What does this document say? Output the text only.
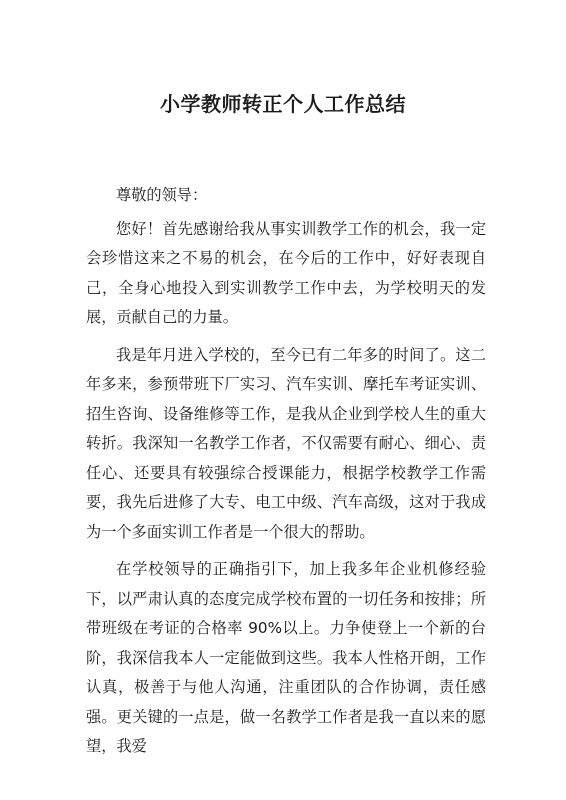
小学教师转正个人工作总结

尊敬的领导：

您好！首先感谢给我从事实训教学工作的机会，我一定会珍惜这来之不易的机会，在今后的工作中，好好表现自己，全身心地投入到实训教学工作中去，为学校明天的发展，贡献自己的力量。

我是年月进入学校的，至今已有二年多的时间了。这二年多来，参预带班下厂实习、汽车实训、摩托车考证实训、招生咨询、设备维修等工作，是我从企业到学校人生的重大转折。我深知一名教学工作者，不仅需要有耐心、细心、责任心、还要具有较强综合授课能力，根据学校教学工作需要，我先后进修了大专、电工中级、汽车高级，这对于我成为一个多面实训工作者是一个很大的帮助。

在学校领导的正确指引下，加上我多年企业机修经验下，以严肃认真的态度完成学校布置的一切任务和按排；所带班级在考证的合格率 90%以上。力争使登上一个新的台阶，我深信我本人一定能做到这些。我本人性格开朗，工作认真，极善于与他人沟通，注重团队的合作协调，责任感强。更关键的一点是，做一名教学工作者是我一直以来的愿望，我爱
